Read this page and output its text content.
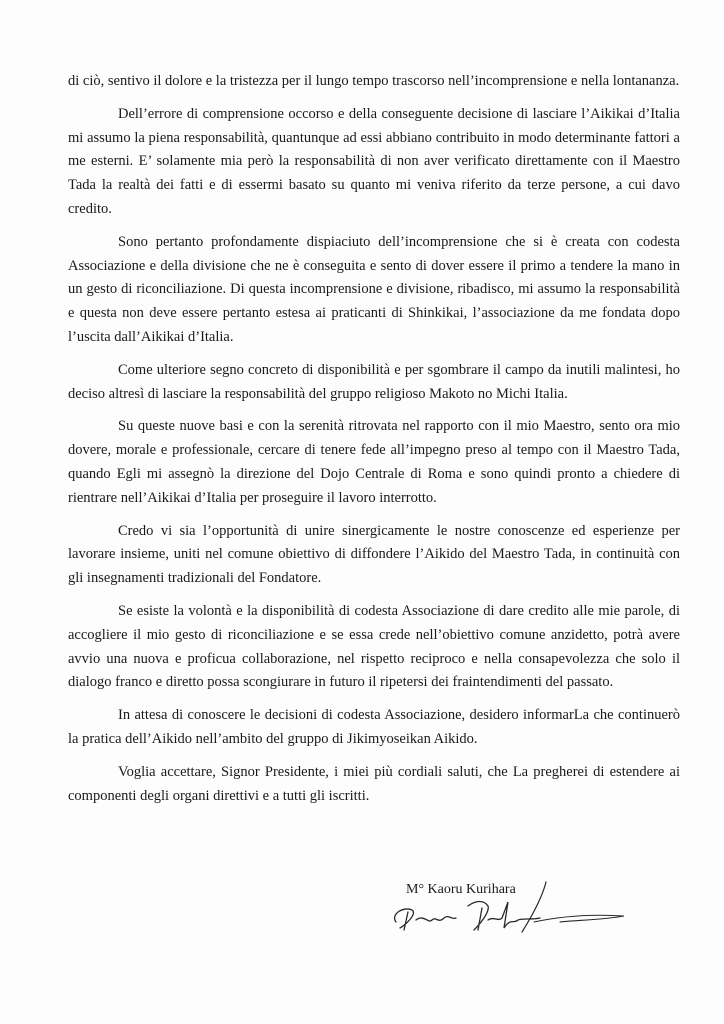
di ciò, sentivo il dolore e la tristezza per il lungo tempo trascorso nell’incomprensione e nella lontananza.

Dell’errore di comprensione occorso e della conseguente decisione di lasciare l’Aikikai d’Italia mi assumo la piena responsabilità, quantunque ad essi abbiano contribuito in modo determinante fattori a me esterni. E’ solamente mia però la responsabilità di non aver verificato direttamente con il Maestro Tada la realtà dei fatti e di essermi basato su quanto mi veniva riferito da terze persone, a cui davo credito.

Sono pertanto profondamente dispiaciuto dell’incomprensione che si è creata con codesta Associazione e della divisione che ne è conseguita e sento di dover essere il primo a tendere la mano in un gesto di riconciliazione. Di questa incomprensione e divisione, ribadisco, mi assumo la responsabilità e questa non deve essere pertanto estesa ai praticanti di Shinkikai, l’associazione da me fondata dopo l’uscita dall’Aikikai d’Italia.

Come ulteriore segno concreto di disponibilità e per sgombrare il campo da inutili malintesi, ho deciso altresì di lasciare la responsabilità del gruppo religioso Makoto no Michi Italia.

Su queste nuove basi e con la serenità ritrovata nel rapporto con il mio Maestro, sento ora mio dovere, morale e professionale, cercare di tenere fede all’impegno preso al tempo con il Maestro Tada, quando Egli mi assegnò la direzione del Dojo Centrale di Roma e sono quindi pronto a chiedere di rientrare nell’Aikikai d’Italia per proseguire il lavoro interrotto.

Credo vi sia l’opportunità di unire sinergicamente le nostre conoscenze ed esperienze per lavorare insieme, uniti nel comune obiettivo di diffondere l’Aikido del Maestro Tada, in continuità con gli insegnamenti tradizionali del Fondatore.

Se esiste la volontà e la disponibilità di codesta Associazione di dare credito alle mie parole, di accogliere il mio gesto di riconciliazione e se essa crede nell’obiettivo comune anzidetto, potrà avere avvio una nuova e proficua collaborazione, nel rispetto reciproco e nella consapevolezza che solo il dialogo franco e diretto possa scongiurare in futuro il ripetersi dei fraintendimenti del passato.

In attesa di conoscere le decisioni di codesta Associazione, desidero informarLa che continuerò la pratica dell’Aikido nell’ambito del gruppo di Jikimyoseikan Aikido.

Voglia accettare, Signor Presidente, i miei più cordiali saluti, che La pregherei di estendere ai componenti degli organi direttivi e a tutti gli iscritti.

M° Kaoru Kurihara
